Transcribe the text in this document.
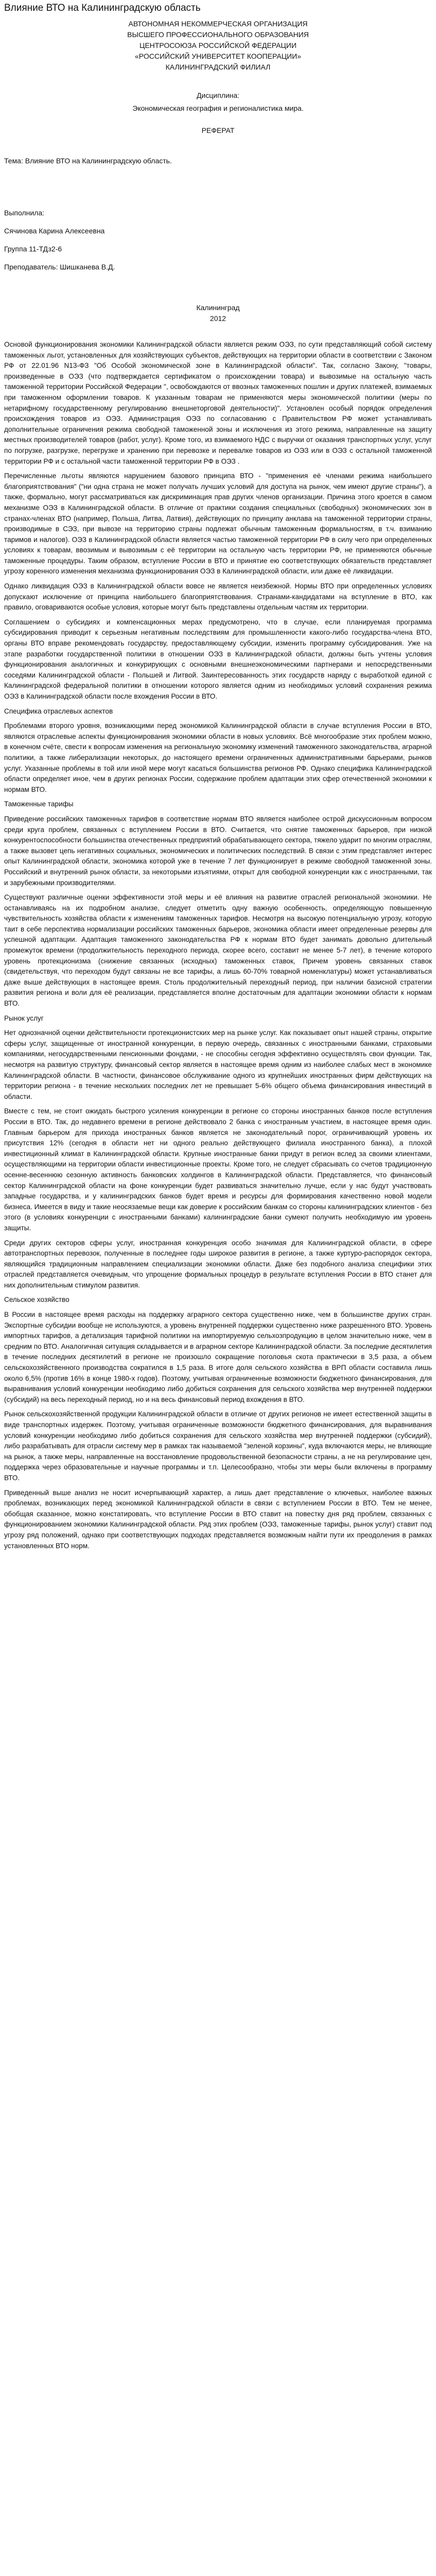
Влияние ВТО на Калининградскую область
АВТОНОМНАЯ НЕКОММЕРЧЕСКАЯ ОРГАНИЗАЦИЯ
ВЫСШЕГО ПРОФЕССИОНАЛЬНОГО ОБРАЗОВАНИЯ
ЦЕНТРОСОЮЗА РОССИЙСКОЙ ФЕДЕРАЦИИ
«РОССИЙСКИЙ УНИВЕРСИТЕТ КООПЕРАЦИИ»
КАЛИНИНГРАДСКИЙ ФИЛИАЛ
Дисциплина:
Экономическая география и регионалистика мира.
РЕФЕРАТ
Тема: Влияние ВТО на Калининградскую область.
Выполнила:
Сячинова Карина Алексеевна
Группа 11-ТДз2-6
Преподаватель: Шишканева В.Д.
Калининград
2012

Основой функционирования экономики Калининградской области является режим ОЭЗ, по сути представляющий собой систему таможенных льгот, установленных для хозяйствующих субъектов, действующих на территории области в соответствии с Законом РФ от 22.01.96 N13-ФЗ "Об Особой экономической зоне в Калининградской области". Так, согласно Закону, "товары, произведенные в ОЭЗ (что подтверждается сертификатом о происхождении товара) и вывозимые на остальную часть таможенной территории Российской Федерации ", освобождаются от ввозных таможенных пошлин и других платежей, взимаемых при таможенном оформлении товаров. К указанным товарам не применяются меры экономической политики (меры по нетарифному государственному регулированию внешнеторговой деятельности)". Установлен особый порядок определения происхождения товаров из ОЭЗ. Администрация ОЭЗ по согласованию с Правительством РФ может устанавливать дополнительные ограничения режима свободной таможенной зоны и исключения из этого режима, направленные на защиту местных производителей товаров (работ, услуг). Кроме того, из взимаемого НДС с выручки от оказания транспортных услуг, услуг по погрузке, разгрузке, перегрузке и хранению при перевозке и перевалке товаров из ОЭЗ или в ОЭЗ с остальной таможенной территории РФ и с остальной части таможенной территории РФ в ОЭЗ .

Перечисленные льготы являются нарушением базового принципа ВТО - "применения её членами режима наибольшего благоприятствования" ("ни одна страна не может получать лучших условий для доступа на рынок, чем имеют другие страны"), а также, формально, могут рассматриваться как дискриминация прав других членов организации. Причина этого кроется в самом механизме ОЭЗ в Калининградской области. В отличие от практики создания специальных (свободных) экономических зон в странах-членах ВТО (например, Польша, Литва, Латвия), действующих по принципу анклава на таможенной территории страны, производимые в СЭЗ, при вывозе на территорию страны подлежат обычным таможенным формальностям, в т.ч. взиманию таримов и налогов). ОЭЗ в Калининградской области является частью таможенной территории РФ в силу чего при определенных условиях к товарам, ввозимым и вывозимым с её территории на остальную часть территории РФ, не применяются обычные таможенные процедуры. Таким образом, вступление России в ВТО и принятие ею соответствующих обязательств представляет угрозу коренного изменения механизма функционирования ОЭЗ в Калининградской области, или даже её ликвидации.

Однако ликвидация ОЭЗ в Калининградской области вовсе не является неизбежной. Нормы ВТО при определенных условиях допускают исключение от принципа наибольшего благоприятствования. Странами-кандидатами на вступление в ВТО, как правило, оговариваются особые условия, которые могут быть представлены отдельным частям их территории.

Соглашением о субсидиях и компенсационных мерах предусмотрено, что в случае, если планируемая программа субсидирования приводит к серьезным негативным последствиям для промышленности какого-либо государства-члена ВТО, органы ВТО вправе рекомендовать государству, предоставляющему субсидии, изменить программу субсидирования. Уже на этапе разработки государственной политики в отношении ОЭЗ в Калининградской области, должны быть учтены условия функционирования аналогичных и конкурирующих с основными внешнеэкономическими партнерами и непосредственными соседями Калининградской области - Польшей и Литвой. Заинтересованность этих государств наряду с выработкой единой с Калининградской федеральной политики в отношении которого является одним из необходимых условий сохранения режима ОЭЗ в Калининградской области после вхождения России в ВТО.

Специфика отраслевых аспектов

Проблемами второго уровня, возникающими перед экономикой Калининградской области в случае вступления России в ВТО, являются отраслевые аспекты функционирования экономики области в новых условиях. Всё многообразие этих проблем можно, в конечном счёте, свести к вопросам изменения на региональную экономику изменений таможенного законодательства, аграрной политики, а также либерализации некоторых, до настоящего времени ограниченных административными барьерами, рынков услуг. Указанные проблемы в той или иной мере могут касаться большинства регионов РФ. Однако специфика Калининградской области определяет иное, чем в других регионах России, содержание проблем адаптации этих сфер отечественной экономики к нормам ВТО.

Таможенные тарифы

Приведение российских таможенных тарифов в соответствие нормам ВТО является наиболее острой дискуссионным вопросом среди круга проблем, связанных с вступлением России в ВТО. Считается, что снятие таможенных барьеров, при низкой конкурентоспособности большинства отечественных предприятий обрабатывающего сектора, тяжело ударит по многим отраслям, а также вызовет цепь негативных социальных, экономических и политических последствий. В связи с этим представляет интерес опыт Калининградской области, экономика которой уже в течение 7 лет функционирует в режиме свободной таможенной зоны. Российский и внутренний рынок области, за некоторыми изъятиями, открыт для свободной конкуренции как с иностранными, так и зарубежными производителями.

Существуют различные оценки эффективности этой меры и её влияния на развитие отраслей региональной экономики. Не останавливаясь на их подробном анализе, следует отметить одну важную особенность, определяющую повышенную чувствительность хозяйства области к изменениям таможенных тарифов. Несмотря на высокую потенциальную угрозу, которую таит в себе перспектива нормализации российских таможенных барьеров, экономика области имеет определенные резервы для успешной адаптации. Адаптация таможенного законодательства РФ к нормам ВТО будет занимать довольно длительный промежуток времени (продолжительность переходного периода, скорее всего, составит не менее 5-7 лет), в течение которого уровень протекционизма (снижение связанных (исходных) таможенных ставок, Причем уровень связанных ставок (свидетельствуя, что переходом будут связаны не все тарифы, а лишь 60-70% товарной номенклатуры) может устанавливаться даже выше действующих в настоящее время. Столь продолжительный переходный период, при наличии базисной стратегии развития региона и воли для её реализации, представляется вполне достаточным для адаптации экономики области к нормам ВТО.

Рынок услуг

Нет однозначной оценки действительности протекционистских мер на рынке услуг. Как показывает опыт нашей страны, открытие сферы услуг, защищенные от иностранной конкуренции, в первую очередь, связанных с иностранными банками, страховыми компаниями, негосударственными пенсионными фондами, - не способны сегодня эффективно осуществлять свои функции. Так, несмотря на развитую структуру, финансовый сектор является в настоящее время одним из наиболее слабых мест в экономике Калининградской области. В частности, финансовое обслуживание одного из крупнейших иностранных фирм действующих на территории региона - в течение нескольких последних лет не превышает 5-6% общего объема финансирования инвестиций в области.

Вместе с тем, не стоит ожидать быстрого усиления конкуренции в регионе со стороны иностранных банков после вступления России в ВТО. Так, до недавнего времени в регионе действовало 2 банка с иностранным участием, в настоящее время один. Главным барьером для прихода иностранных банков является не законодательный порог, ограничивающий уровень их присутствия 12% (сегодня в области нет ни одного реально действующего филиала иностранного банка), а плохой инвестиционный климат в Калининградской области. Крупные иностранные банки придут в регион вслед за своими клиентами, осуществляющими на территории области инвестиционные проекты. Кроме того, не следует сбрасывать со счетов традиционную осенне-весеннюю сезонную активность банковских холдингов в Калининградской области. Представляется, что финансовый сектор Калининградской области на фоне конкуренции будет развиваться значительно лучше, если у нас будут участвовать западные государства, и у калининградских банков будет время и ресурсы для формирования качественно новой модели бизнеса. Имеется в виду и такие неосязаемые вещи как доверие к российским банкам со стороны калининградских клиентов - без этого (в условиях конкуренции с иностранными банками) калининградские банки сумеют получить необходимую им уровень защиты.

Среди других секторов сферы услуг, иностранная конкуренция особо значимая для Калининградской области, в сфере автотранспортных перевозок, полученные в последнее годы широкое развития в регионе, а также куртуро-распорядок сектора, являющийся традиционным направлением специализации экономики области. Даже без подобного анализа специфики этих отраслей представляется очевидным, что упрощение формальных процедур в результате вступления России в ВТО станет для них дополнительным стимулом развития.

Сельское хозяйство

В России в настоящее время расходы на поддержку аграрного сектора существенно ниже, чем в большинстве других стран. Экспортные субсидии вообще не используются, а уровень внутренней поддержки существенно ниже разрешенного ВТО. Уровень импортных тарифов, а детализация тарифной политики на импортируемую сельхозпродукцию в целом значительно ниже, чем в средним по ВТО. Аналогичная ситуация складывается и в аграрном секторе Калининградской области. За последние десятилетия в течение последних десятилетий в регионе не произошло сокращение поголовья скота практически в 3,5 раза, а объем сельскохозяйственного производства сократился в 1,5 раза. В итоге доля сельского хозяйства в ВРП области составила лишь около 6,5% (против 16% в конце 1980-х годов). Поэтому, учитывая ограниченные возможности бюджетного финансирования, для выравнивания условий конкуренции необходимо либо добиться сохранения для сельского хозяйства мер внутренней поддержки (субсидий) на весь переходный период, но и на весь финансовый период вхождения в ВТО.

Рынок сельскохозяйственной продукции Калининградской области в отличие от других регионов не имеет естественной защиты в виде транспортных издержек. Поэтому, учитывая ограниченные возможности бюджетного финансирования, для выравнивания условий конкуренции необходимо либо добиться сохранения для сельского хозяйства мер внутренней поддержки (субсидий), либо разрабатывать для отрасли систему мер в рамках так называемой "зеленой корзины", куда включаются меры, не влияющие на рынок, а также меры, направленные на восстановление продовольственной безопасности страны, а не на регулирование цен, поддержка через образовательные и научные программы и т.п. Целесообразно, чтобы эти меры были включены в программу ВТО.

Приведенный выше анализ не носит исчерпывающий характер, а лишь дает представление о ключевых, наиболее важных проблемах, возникающих перед экономикой Калининградской области в связи с вступлением России в ВТО. Тем не менее, обобщая сказанное, можно констатировать, что вступление России в ВТО ставит на повестку дня ряд проблем, связанных с функционированием экономики Калининградской области. Ряд этих проблем (ОЭЗ, таможенные тарифы, рынок услуг) ставит под угрозу ряд положений, однако при соответствующих подходах представляется возможным найти пути их преодоления в рамках установленных ВТО норм.
